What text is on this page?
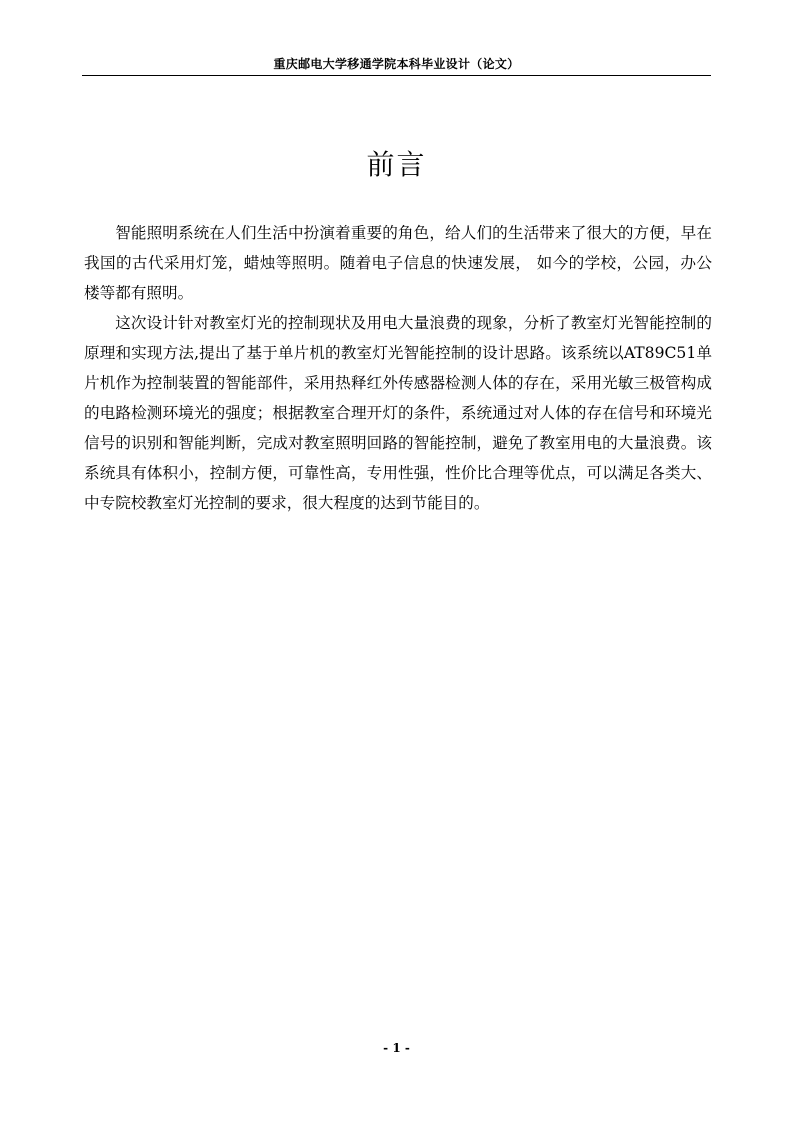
重庆邮电大学移通学院本科毕业设计（论文）
前言

智能照明系统在人们生活中扮演着重要的角色，给人们的生活带来了很大的方便，早在我国的古代采用灯笼，蜡烛等照明。随着电子信息的快速发展， 如今的学校，公园，办公楼等都有照明。

这次设计针对教室灯光的控制现状及用电大量浪费的现象，分析了教室灯光智能控制的原理和实现方法,提出了基于单片机的教室灯光智能控制的设计思路。该系统以AT89C51单片机作为控制装置的智能部件，采用热释红外传感器检测人体的存在，采用光敏三极管构成的电路检测环境光的强度；根据教室合理开灯的条件，系统通过对人体的存在信号和环境光信号的识别和智能判断，完成对教室照明回路的智能控制，避免了教室用电的大量浪费。该系统具有体积小，控制方便，可靠性高，专用性强，性价比合理等优点，可以满足各类大、中专院校教室灯光控制的要求，很大程度的达到节能目的。

- 1 -
